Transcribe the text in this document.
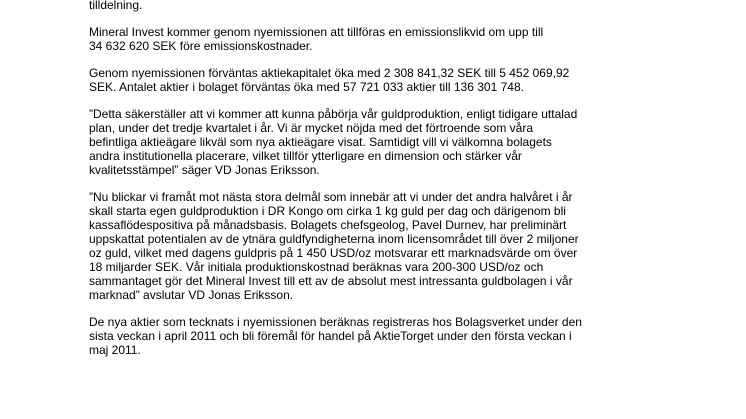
tilldelning.
Mineral Invest kommer genom nyemissionen att tillföras en emissionslikvid om upp till
34 632 620 SEK före emissionskostnader.
Genom nyemissionen förväntas aktiekapitalet öka med 2 308 841,32 SEK till 5 452 069,92
SEK. Antalet aktier i bolaget förväntas öka med 57 721 033 aktier till 136 301 748.
”Detta säkerställer att vi kommer att kunna påbörja vår guldproduktion, enligt tidigare uttalad
plan, under det tredje kvartalet i år. Vi är mycket nöjda med det förtroende som våra
befintliga aktieägare likväl som nya aktieägare visat. Samtidigt vill vi välkomna bolagets
andra institutionella placerare, vilket tillför ytterligare en dimension och stärker vår
kvalitetsstämpel” säger VD Jonas Eriksson.
”Nu blickar vi framåt mot nästa stora delmål som innebär att vi under det andra halvåret i år
skall starta egen guldproduktion i DR Kongo om cirka 1 kg guld per dag och därigenom bli
kassaflödespositiva på månadsbasis. Bolagets chefsgeolog, Pavel Durnev, har preliminärt
uppskattat potentialen av de ytnära guldfyndigheterna inom licensområdet till över 2 miljoner
oz guld, vilket med dagens guldpris på 1 450 USD/oz motsvarar ett marknadsvärde om över
18 miljarder SEK. Vår initiala produktionskostnad beräknas vara 200-300 USD/oz och
sammantaget gör det Mineral Invest till ett av de absolut mest intressanta guldbolagen i vår
marknad” avslutar VD Jonas Eriksson.
De nya aktier som tecknats i nyemissionen beräknas registreras hos Bolagsverket under den
sista veckan i april 2011 och bli föremål för handel på AktieTorget under den första veckan i
maj 2011.
